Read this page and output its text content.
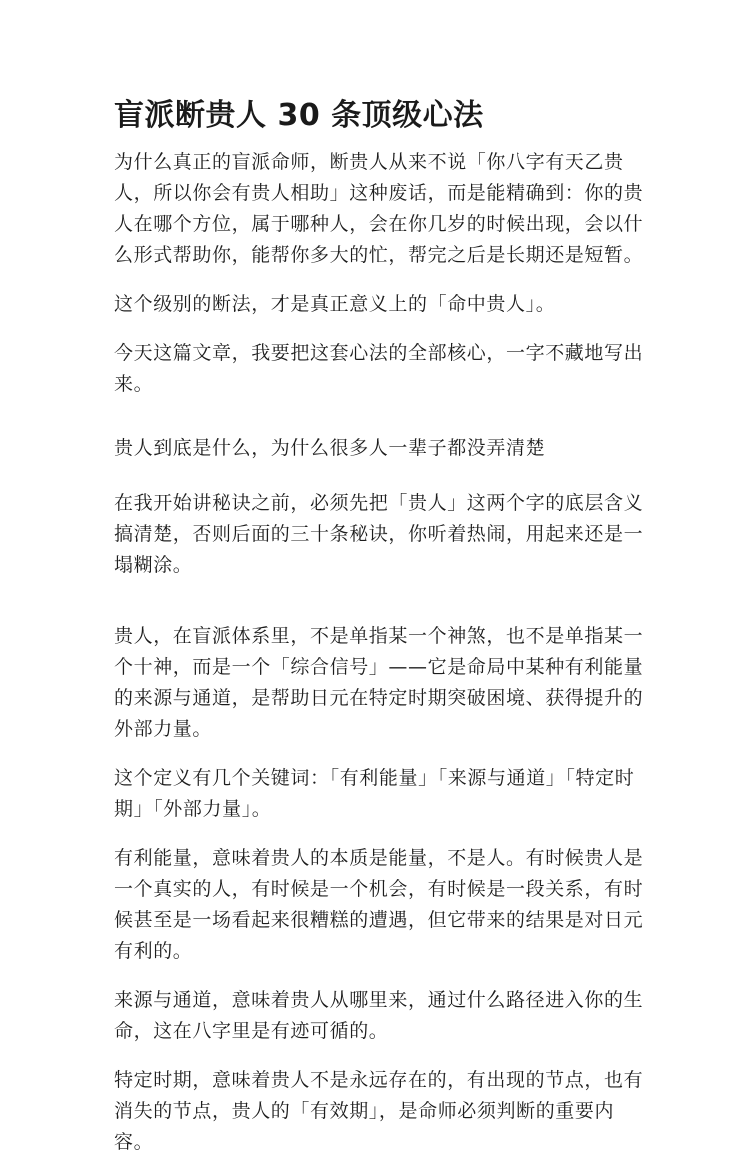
盲派断贵人 30 条顶级心法

为什么真正的盲派命师，断贵人从来不说「你八字有天乙贵人，所以你会有贵人相助」这种废话，而是能精确到：你的贵人在哪个方位，属于哪种人，会在你几岁的时候出现，会以什么形式帮助你，能帮你多大的忙，帮完之后是长期还是短暂。

这个级别的断法，才是真正意义上的「命中贵人」。

今天这篇文章，我要把这套心法的全部核心，一字不藏地写出来。

贵人到底是什么，为什么很多人一辈子都没弄清楚

在我开始讲秘诀之前，必须先把「贵人」这两个字的底层含义搞清楚，否则后面的三十条秘诀，你听着热闹，用起来还是一塌糊涂。

贵人，在盲派体系里，不是单指某一个神煞，也不是单指某一个十神，而是一个「综合信号」——它是命局中某种有利能量的来源与通道，是帮助日元在特定时期突破困境、获得提升的外部力量。

这个定义有几个关键词：「有利能量」「来源与通道」「特定时期」「外部力量」。

有利能量，意味着贵人的本质是能量，不是人。有时候贵人是一个真实的人，有时候是一个机会，有时候是一段关系，有时候甚至是一场看起来很糟糕的遭遇，但它带来的结果是对日元有利的。

来源与通道，意味着贵人从哪里来，通过什么路径进入你的生命，这在八字里是有迹可循的。

特定时期，意味着贵人不是永远存在的，有出现的节点，也有消失的节点，贵人的「有效期」，是命师必须判断的重要内容。
